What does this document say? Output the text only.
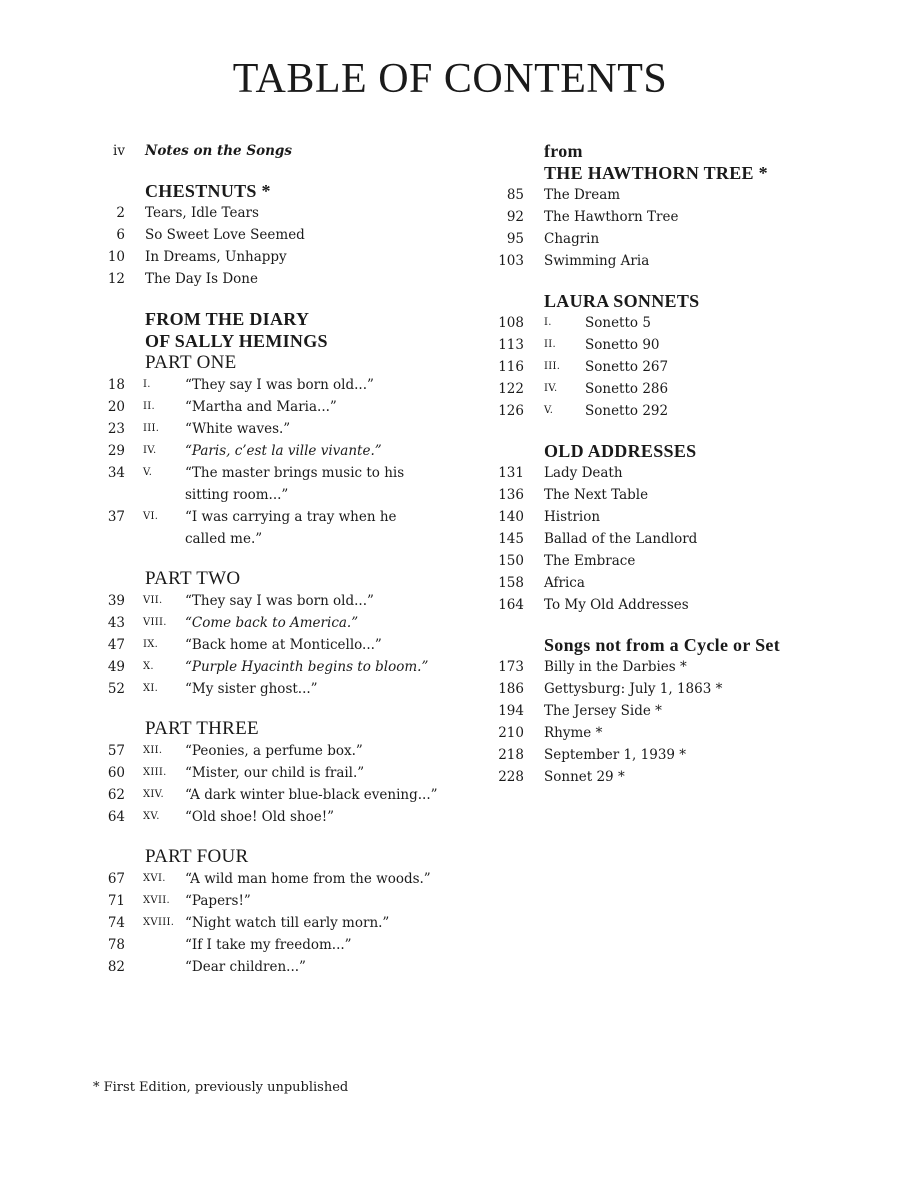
TABLE OF CONTENTS
iv Notes on the Songs
CHESTNUTS *
2 Tears, Idle Tears
6 So Sweet Love Seemed
10 In Dreams, Unhappy
12 The Day Is Done
FROM THE DIARY
OF SALLY HEMINGS
PART ONE
18 I.	“They say I was born old...”
20 II. “Martha and Maria...”
23 III. “White waves.”
29 IV. “Paris, c’est la ville vivante.”
34 V. “The master brings music to his sitting room...”
37 VI. “I was carrying a tray when he called me.”
PART TWO
39 VII. “They say I was born old...”
43 VIII. “Come back to America.”
47 IX. “Back home at Monticello...”
49 X. “Purple Hyacinth begins to bloom.”
52 XI. “My sister ghost...”
PART THREE
57 XII. “Peonies, a perfume box.”
60 XIII. “Mister, our child is frail.”
62 XIV. “A dark winter blue-black evening...”
64 XV. “Old shoe! Old shoe!”
PART FOUR
67 XVI. “A wild man home from the woods.”
71 XVII. “Papers!”
74 XVIII. “Night watch till early morn.”
78	“If I take my freedom...”
82	“Dear children...”
from
THE HAWTHORN TREE *
85 The Dream
92 The Hawthorn Tree
95 Chagrin
103 Swimming Aria
LAURA SONNETS
108 I. Sonetto 5
113 II. Sonetto 90
116 III. Sonetto 267
122 IV. Sonetto 286
126 V. Sonetto 292
OLD ADDRESSES
131 Lady Death
136 The Next Table
140 Histrion
145 Ballad of the Landlord
150 The Embrace
158 Africa
164 To My Old Addresses
Songs not from a Cycle or Set
173 Billy in the Darbies *
186 Gettysburg: July 1, 1863 *
194 The Jersey Side *
210 Rhyme *
218 September 1, 1939 *
228 Sonnet 29 *
* First Edition, previously unpublished
